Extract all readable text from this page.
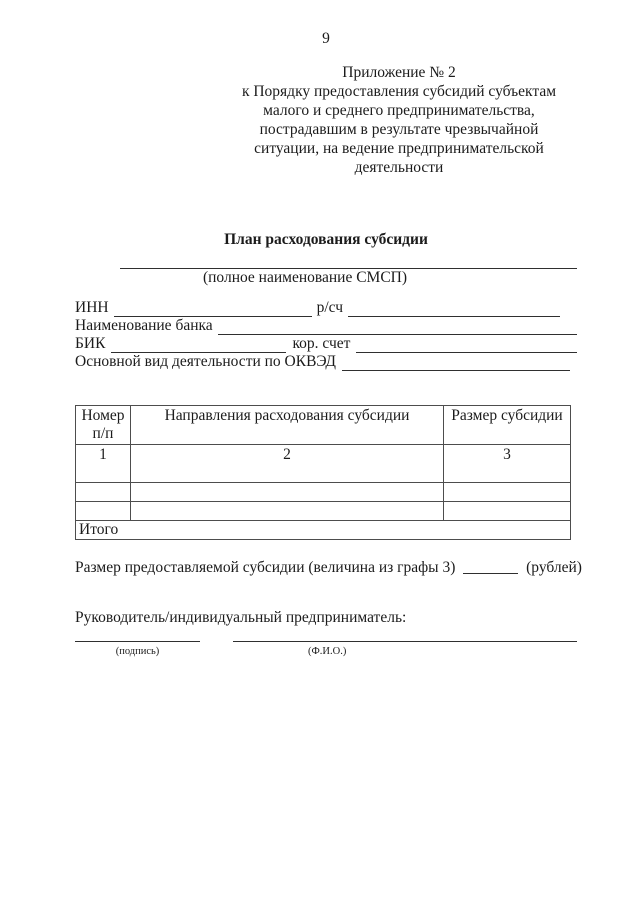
9
Приложение № 2
к Порядку предоставления субсидий субъектам
малого и среднего предпринимательства,
пострадавшим в результате чрезвычайной
ситуации, на ведение предпринимательской
деятельности
План расходования субсидии
(полное наименование СМСП)
ИНН	р/сч
Наименование банка
БИК	кор. счет
Основной вид деятельности по ОКВЭД
Номер п/п	Направления расходования субсидии	Размер субсидии
1	2	3

Итого		
Размер предоставляемой субсидии (величина из графы 3)	(рублей)
Руководитель/индивидуальный предприниматель:
(подпись)	(Ф.И.О.)
